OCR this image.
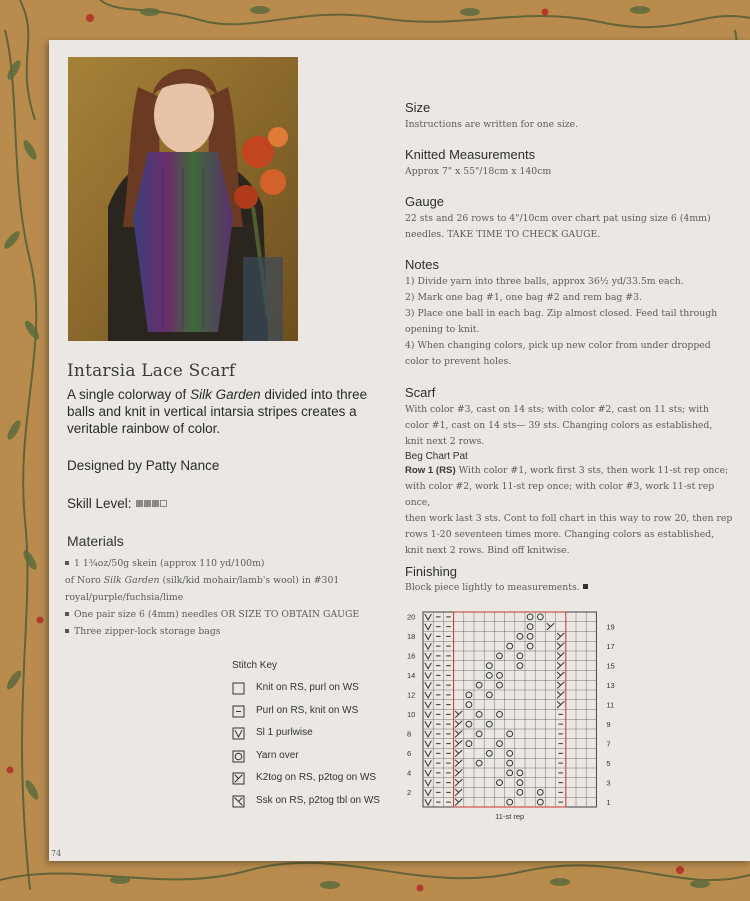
Intarsia Lace Scarf
A single colorway of Silk Garden divided into three balls and knit in vertical intarsia stripes creates a veritable rainbow of color.
Designed by Patty Nance
Skill Level:
Materials
1 1¾oz/50g skein (approx 110 yd/100m)
of Noro Silk Garden (silk/kid mohair/lamb's wool) in #301
royal/purple/fuchsia/lime
One pair size 6 (4mm) needles OR SIZE TO OBTAIN GAUGE
Three zipper-lock storage bags
Size
Instructions are written for one size.
Knitted Measurements
Approx 7" x 55"/18cm x 140cm
Gauge
22 sts and 26 rows to 4"/10cm over chart pat using size 6 (4mm)
needles. TAKE TIME TO CHECK GAUGE.
Notes
1) Divide yarn into three balls, approx 36½ yd/33.5m each.
2) Mark one bag #1, one bag #2 and rem bag #3.
3) Place one ball in each bag. Zip almost closed. Feed tail through
opening to knit.
4) When changing colors, pick up new color from under dropped
color to prevent holes.
Scarf
With color #3, cast on 14 sts; with color #2, cast on 11 sts; with
color #1, cast on 14 sts— 39 sts. Changing colors as established,
knit next 2 rows.
Beg Chart Pat
Row 1 (RS) With color #1, work first 3 sts, then work 11-st rep once;
with color #2, work 11-st rep once; with color #3, work 11-st rep once,
then work last 3 sts. Cont to foll chart in this way to row 20, then rep
rows 1-20 seventeen times more. Changing colors as established,
knit next 2 rows. Bind off knitwise.
Finishing
Block piece lightly to measurements.
Stitch Key
Knit on RS, purl on WS
Purl on RS, knit on WS
Sl 1 purlwise
Yarn over
K2tog on RS, p2tog on WS
Ssk on RS, p2tog tbl on WS
20
19
18
17
16
15
14
13
12
11
10
9
8
7
6
5
4
3
2
1
11-st rep
74
